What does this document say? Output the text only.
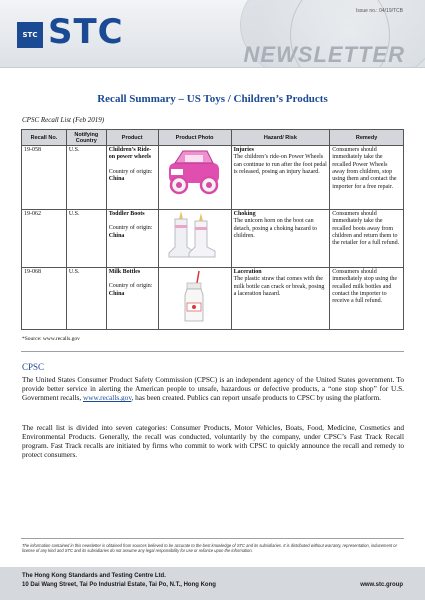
STC STC
Issue no.: 04/19/TCB
NEWSLETTER
Recall Summary – US Toys / Children’s Products
CPSC Recall List (Feb 2019)
Recall No.	Notifying Country	Product	Product Photo	Hazard/ Risk	Remedy
19-058	U.S.	Children’s Ride-on power wheels
Country of origin:
China		Injuries
The children’s ride-on Power Wheels can continue to run after the foot pedal is released, posing an injury hazard.	Consumers should immediately take the recalled Power Wheels away from children, stop using them and contact the importer for a free repair.
19-062	U.S.	Toddler Boots
Country of origin:
China		Choking
The unicorn horn on the boot can detach, posing a choking hazard to children.	Consumers should immediately take the recalled boots away from children and return them to the retailer for a full refund.
19-068	U.S.	Milk Bottles
Country of origin:
China		Laceration
The plastic straw that comes with the milk bottle can crack or break, posing a laceration hazard.	Consumers should immediately stop using the recalled milk bottles and contact the importer to receive a full refund.
*Source: www.recalls.gov
CPSC
The United States Consumer Product Safety Commission (CPSC) is an independent agency of the United States government. To provide better service in alerting the American people to unsafe, hazardous or defective products, a “one stop shop” for U.S. Government recalls, www.recalls.gov, has been created. Publics can report unsafe products to CPSC by using the platform.
The recall list is divided into seven categories: Consumer Products, Motor Vehicles, Boats, Food, Medicine, Cosmetics and Environmental Products. Generally, the recall was conducted, voluntarily by the company, under CPSC’s Fast Track Recall program. Fast Track recalls are initiated by firms who commit to work with CPSC to quickly announce the recall and remedy to protect consumers.
The information contained in this newsletter is obtained from sources believed to be accurate to the best knowledge of STC and its subsidiaries. It is distributed without warranty, representation, inducement or license of any kind and STC and its subsidiaries do not assume any legal responsibility for use or reliance upon the information.
The Hong Kong Standards and Testing Centre Ltd.
10 Dai Wang Street, Tai Po Industrial Estate, Tai Po, N.T., Hong Kong	www.stc.group
